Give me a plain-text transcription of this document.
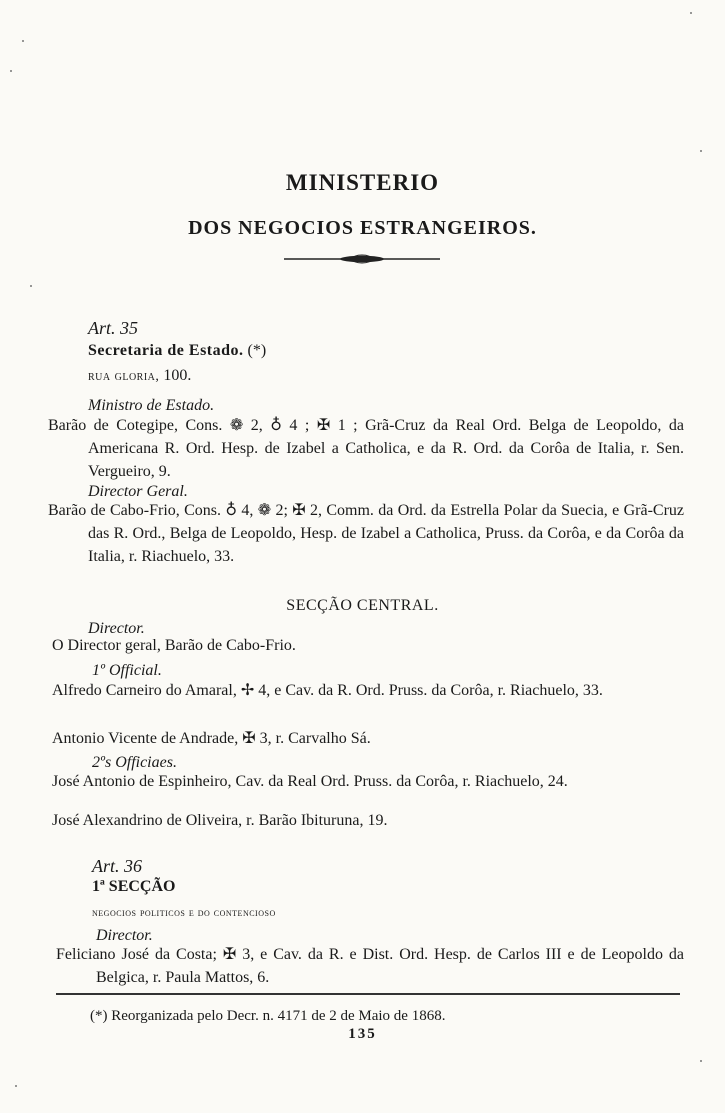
MINISTERIO
DOS NEGOCIOS ESTRANGEIROS.
Art. 35
Secretaria de Estado. (*)
rua gloria, 100.
Ministro de Estado.
Barão de Cotegipe, Cons. ❁ 2, ♁ 4 ; ✠ 1 ; Grã-Cruz da Real Ord. Belga de Leopoldo, da Americana R. Ord. Hesp. de Izabel a Catholica, e da R. Ord. da Corôa de Italia, r. Sen. Vergueiro, 9.
Director Geral.
Barão de Cabo-Frio, Cons. ♁ 4, ❁ 2; ✠ 2, Comm. da Ord. da Estrella Polar da Suecia, e Grã-Cruz das R. Ord., Belga de Leopoldo, Hesp. de Izabel a Catholica, Pruss. da Corôa, e da Corôa da Italia, r. Riachuelo, 33.
SECÇÃO CENTRAL.
Director.
O Director geral, Barão de Cabo-Frio.
1º Official.
Alfredo Carneiro do Amaral, ✢ 4, e Cav. da R. Ord. Pruss. da Corôa, r. Riachuelo, 33.
Antonio Vicente de Andrade, ✠ 3, r. Carvalho Sá.
2ºs Officiaes.
José Antonio de Espinheiro, Cav. da Real Ord. Pruss. da Corôa, r. Riachuelo, 24.
José Alexandrino de Oliveira, r. Barão Ibituruna, 19.
Art. 36
1ª SECÇÃO
negocios politicos e do contencioso
Director.
Feliciano José da Costa; ✠ 3, e Cav. da R. e Dist. Ord. Hesp. de Carlos III e de Leopoldo da Belgica, r. Paula Mattos, 6.
(*) Reorganizada pelo Decr. n. 4171 de 2 de Maio de 1868.
135
